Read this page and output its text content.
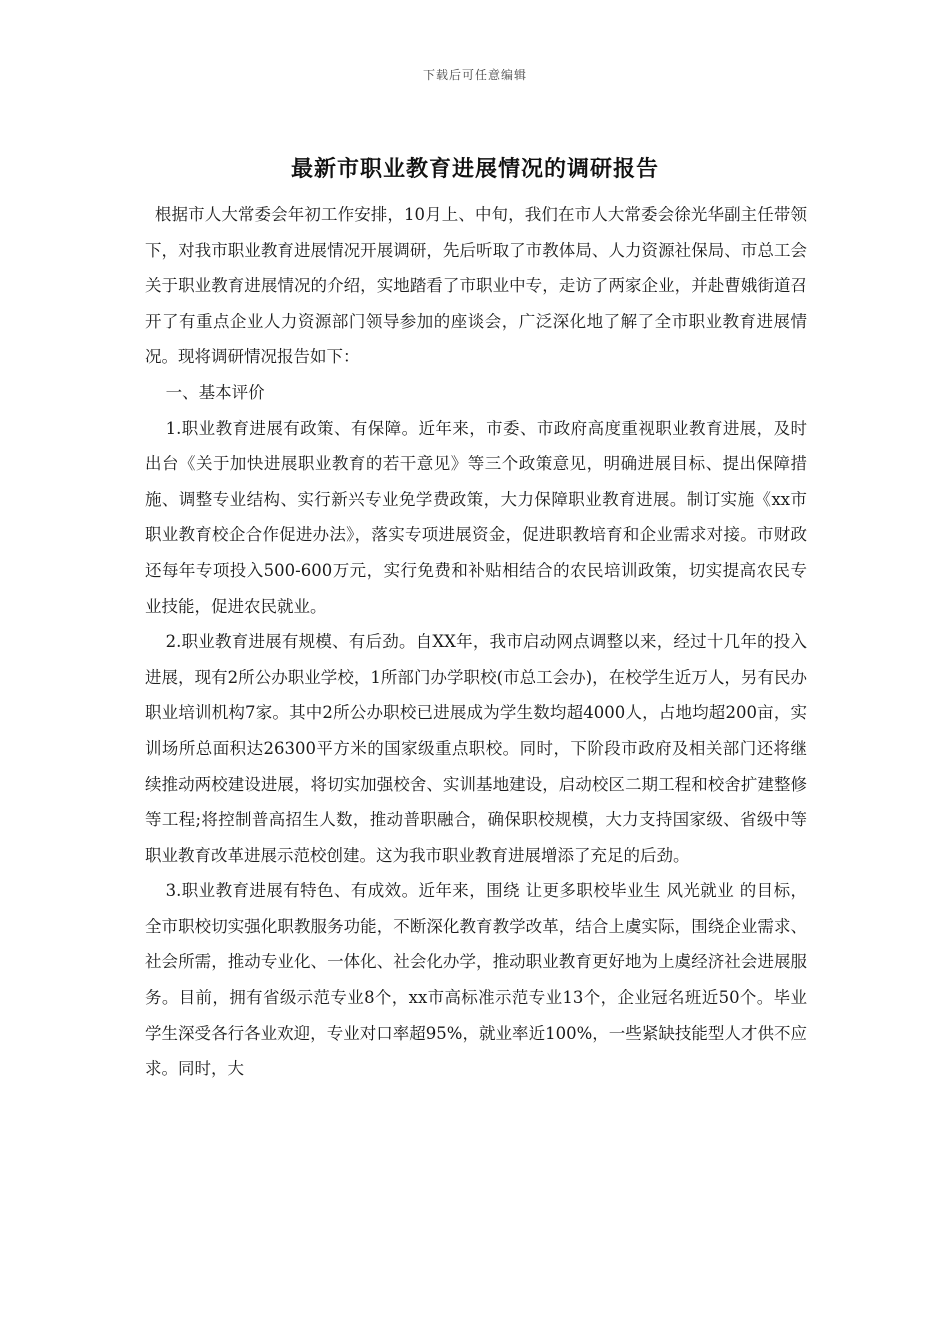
下载后可任意编辑
最新市职业教育进展情况的调研报告

根据市人大常委会年初工作安排，10月上、中旬，我们在市人大常委会徐光华副主任带领下，对我市职业教育进展情况开展调研，先后听取了市教体局、人力资源社保局、市总工会关于职业教育进展情况的介绍，实地踏看了市职业中专，走访了两家企业，并赴曹娥街道召开了有重点企业人力资源部门领导参加的座谈会，广泛深化地了解了全市职业教育进展情况。现将调研情况报告如下：

一、基本评价

1.职业教育进展有政策、有保障。近年来，市委、市政府高度重视职业教育进展，及时出台《关于加快进展职业教育的若干意见》等三个政策意见，明确进展目标、提出保障措施、调整专业结构、实行新兴专业免学费政策，大力保障职业教育进展。制订实施《xx市职业教育校企合作促进办法》，落实专项进展资金，促进职教培育和企业需求对接。市财政还每年专项投入500-600万元，实行免费和补贴相结合的农民培训政策，切实提高农民专业技能，促进农民就业。

2.职业教育进展有规模、有后劲。自XX年，我市启动网点调整以来，经过十几年的投入进展，现有2所公办职业学校，1所部门办学职校(市总工会办)，在校学生近万人，另有民办职业培训机构7家。其中2所公办职校已进展成为学生数均超4000人，占地均超200亩，实训场所总面积达26300平方米的国家级重点职校。同时，下阶段市政府及相关部门还将继续推动两校建设进展，将切实加强校舍、实训基地建设，启动校区二期工程和校舍扩建整修等工程;将控制普高招生人数，推动普职融合，确保职校规模，大力支持国家级、省级中等职业教育改革进展示范校创建。这为我市职业教育进展增添了充足的后劲。

3.职业教育进展有特色、有成效。近年来，围绕 让更多职校毕业生 风光就业 的目标，全市职校切实强化职教服务功能，不断深化教育教学改革，结合上虞实际，围绕企业需求、社会所需，推动专业化、一体化、社会化办学，推动职业教育更好地为上虞经济社会进展服务。目前，拥有省级示范专业8个，xx市高标准示范专业13个，企业冠名班近50个。毕业学生深受各行各业欢迎，专业对口率超95%，就业率近100%，一些紧缺技能型人才供不应求。同时，大
